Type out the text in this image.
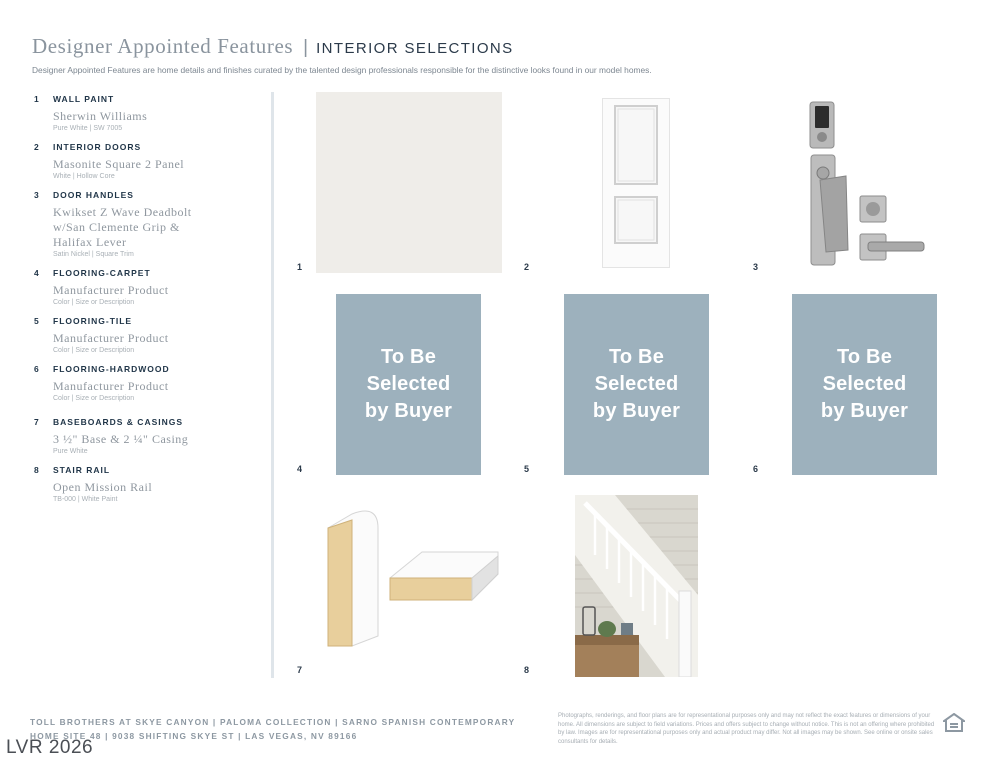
Designer Appointed Features | INTERIOR SELECTIONS
Designer Appointed Features are home details and finishes curated by the talented design professionals responsible for the distinctive looks found in our model homes.
1	WALL PAINT
Sherwin Williams
Pure White | SW 7005
2	INTERIOR DOORS
Masonite Square 2 Panel
White | Hollow Core
3	DOOR HANDLES
Kwikset Z Wave Deadbolt w/San Clemente Grip & Halifax Lever
Satin Nickel | Square Trim
4	FLOORING-CARPET
Manufacturer Product
Color | Size or Description
5	FLOORING-TILE
Manufacturer Product
Color | Size or Description
6	FLOORING-HARDWOOD
Manufacturer Product
Color | Size or Description
7	BASEBOARDS & CASINGS
3 ½" Base & 2 ¼" Casing
Pure White
8	STAIR RAIL
Open Mission Rail
TB-000 | White Paint
1	2	3
To Be
Selected
by Buyer
4
To Be
Selected
by Buyer
5
To Be
Selected
by Buyer
6
7	8
TOLL BROTHERS AT SKYE CANYON | PALOMA COLLECTION | SARNO SPANISH CONTEMPORARY
HOME SITE 48 | 9038 SHIFTING SKYE ST | LAS VEGAS, NV 89166
Photographs, renderings, and floor plans are for representational purposes only and may not reflect the exact features or dimensions of your home. All dimensions are subject to field variations. Prices and offers subject to change without notice. This is not an offering where prohibited by law. Images are for representational purposes only and actual product may differ. Not all images may be shown. See online or onsite sales consultants for details.
LVR 2026
